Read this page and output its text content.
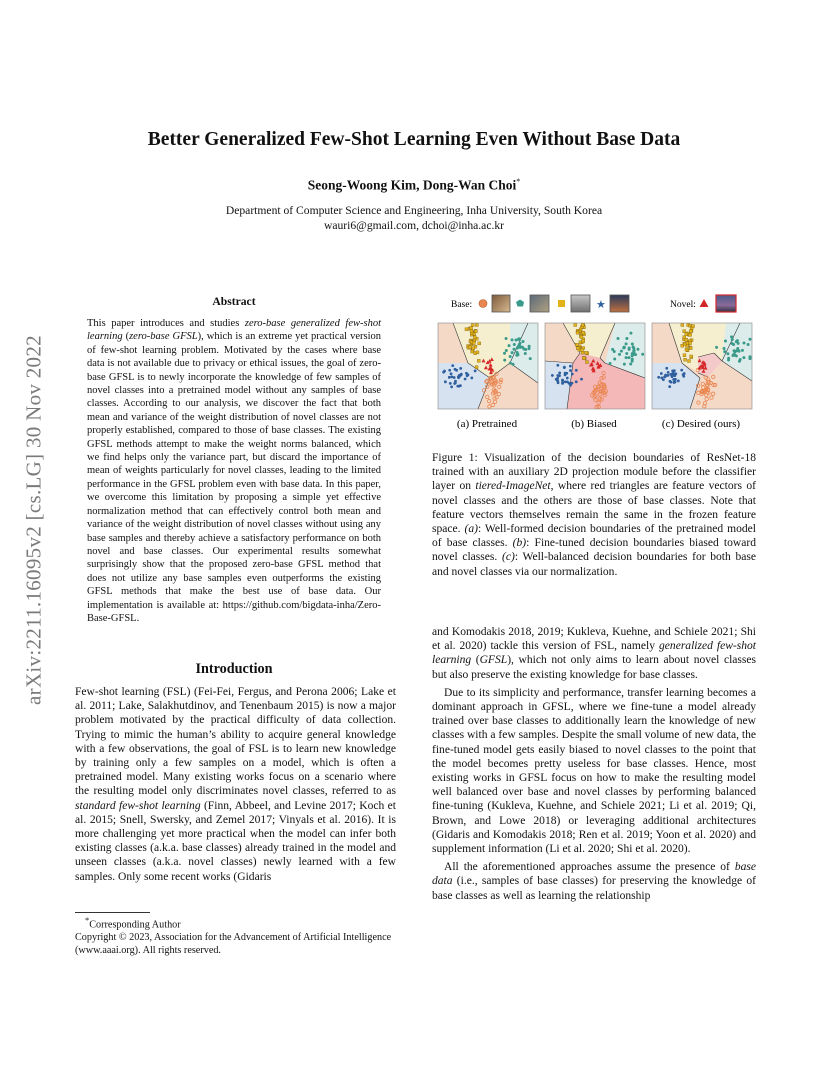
arXiv:2211.16095v2 [cs.LG] 30 Nov 2022
Better Generalized Few-Shot Learning Even Without Base Data
Seong-Woong Kim, Dong-Wan Choi*
Department of Computer Science and Engineering, Inha University, South Korea
wauri6@gmail.com, dchoi@inha.ac.kr
Abstract
This paper introduces and studies zero-base generalized few-shot learning (zero-base GFSL), which is an extreme yet practical version of few-shot learning problem. Motivated by the cases where base data is not available due to privacy or ethical issues, the goal of zero-base GFSL is to newly incorporate the knowledge of few samples of novel classes into a pretrained model without any samples of base classes. According to our analysis, we discover the fact that both mean and variance of the weight distribution of novel classes are not properly established, compared to those of base classes. The existing GFSL methods attempt to make the weight norms balanced, which we find helps only the variance part, but discard the importance of mean of weights particularly for novel classes, leading to the limited performance in the GFSL problem even with base data. In this paper, we overcome this limitation by proposing a simple yet effective normalization method that can effectively control both mean and variance of the weight distribution of novel classes without using any base samples and thereby achieve a satisfactory performance on both novel and base classes. Our experimental results somewhat surprisingly show that the proposed zero-base GFSL method that does not utilize any base samples even outperforms the existing GFSL methods that make the best use of base data. Our implementation is available at: https://github.com/bigdata-inha/Zero-Base-GFSL.
Introduction
Few-shot learning (FSL) (Fei-Fei, Fergus, and Perona 2006; Lake et al. 2011; Lake, Salakhutdinov, and Tenenbaum 2015) is now a major problem motivated by the practical difficulty of data collection. Trying to mimic the human’s ability to acquire general knowledge with a few observations, the goal of FSL is to learn new knowledge by training only a few samples on a model, which is often a pretrained model. Many existing works focus on a scenario where the resulting model only discriminates novel classes, referred to as standard few-shot learning (Finn, Abbeel, and Levine 2017; Koch et al. 2015; Snell, Swersky, and Zemel 2017; Vinyals et al. 2016). It is more challenging yet more practical when the model can infer both existing classes (a.k.a. base classes) already trained in the model and unseen classes (a.k.a. novel classes) newly learned with a few samples. Only some recent works (Gidaris
*Corresponding Author
Copyright © 2023, Association for the Advancement of Artificial Intelligence (www.aaai.org). All rights reserved.
Base:	★	Novel:
(a) Pretrained	(b) Biased	(c) Desired (ours)
Figure 1: Visualization of the decision boundaries of ResNet-18 trained with an auxiliary 2D projection module before the classifier layer on tiered-ImageNet, where red triangles are feature vectors of novel classes and the others are those of base classes. Note that feature vectors themselves remain the same in the frozen feature space. (a): Well-formed decision boundaries of the pretrained model of base classes. (b): Fine-tuned decision boundaries biased toward novel classes. (c): Well-balanced decision boundaries for both base and novel classes via our normalization.
and Komodakis 2018, 2019; Kukleva, Kuehne, and Schiele 2021; Shi et al. 2020) tackle this version of FSL, namely generalized few-shot learning (GFSL), which not only aims to learn about novel classes but also preserve the existing knowledge for base classes.
Due to its simplicity and performance, transfer learning becomes a dominant approach in GFSL, where we fine-tune a model already trained over base classes to additionally learn the knowledge of new classes with a few samples. Despite the small volume of new data, the fine-tuned model gets easily biased to novel classes to the point that the model becomes pretty useless for base classes. Hence, most existing works in GFSL focus on how to make the resulting model well balanced over base and novel classes by performing balanced fine-tuning (Kukleva, Kuehne, and Schiele 2021; Li et al. 2019; Qi, Brown, and Lowe 2018) or leveraging additional architectures (Gidaris and Komodakis 2018; Ren et al. 2019; Yoon et al. 2020) and supplement information (Li et al. 2020; Shi et al. 2020).
All the aforementioned approaches assume the presence of base data (i.e., samples of base classes) for preserving the knowledge of base classes as well as learning the relationship
